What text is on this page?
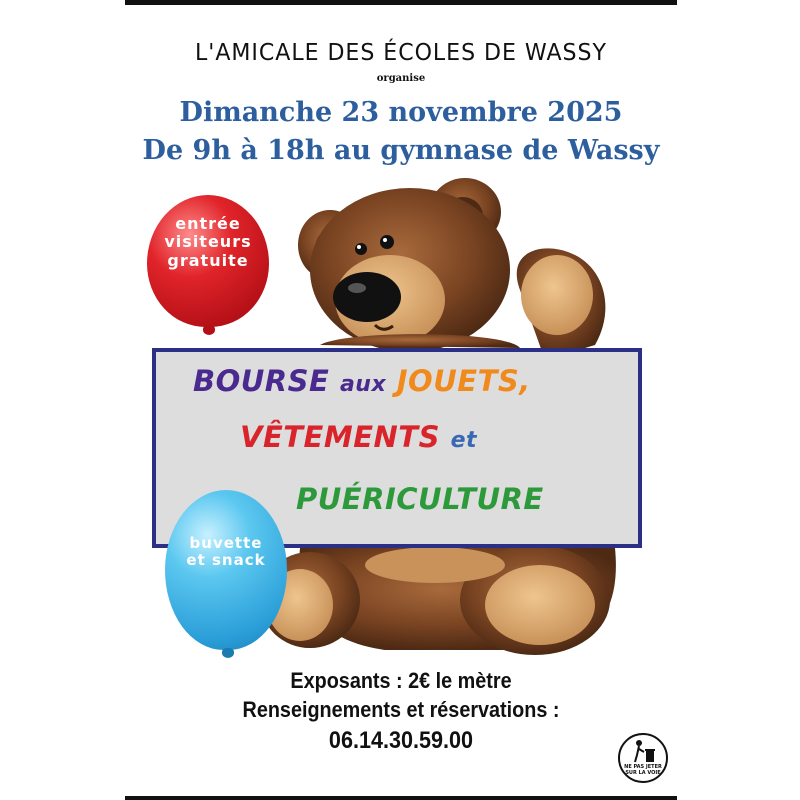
L'AMICALE DES ÉCOLES DE WASSY
organise
Dimanche 23 novembre 2025
De 9h à 18h au gymnase de Wassy
entrée
visiteurs
gratuite
BOURSE aux JOUETS,
VÊTEMENTS et
PUÉRICULTURE
buvette
et snack
Exposants : 2€ le mètre
Renseignements et réservations :
06.14.30.59.00
NE PAS JETER SUR LA VOIE
